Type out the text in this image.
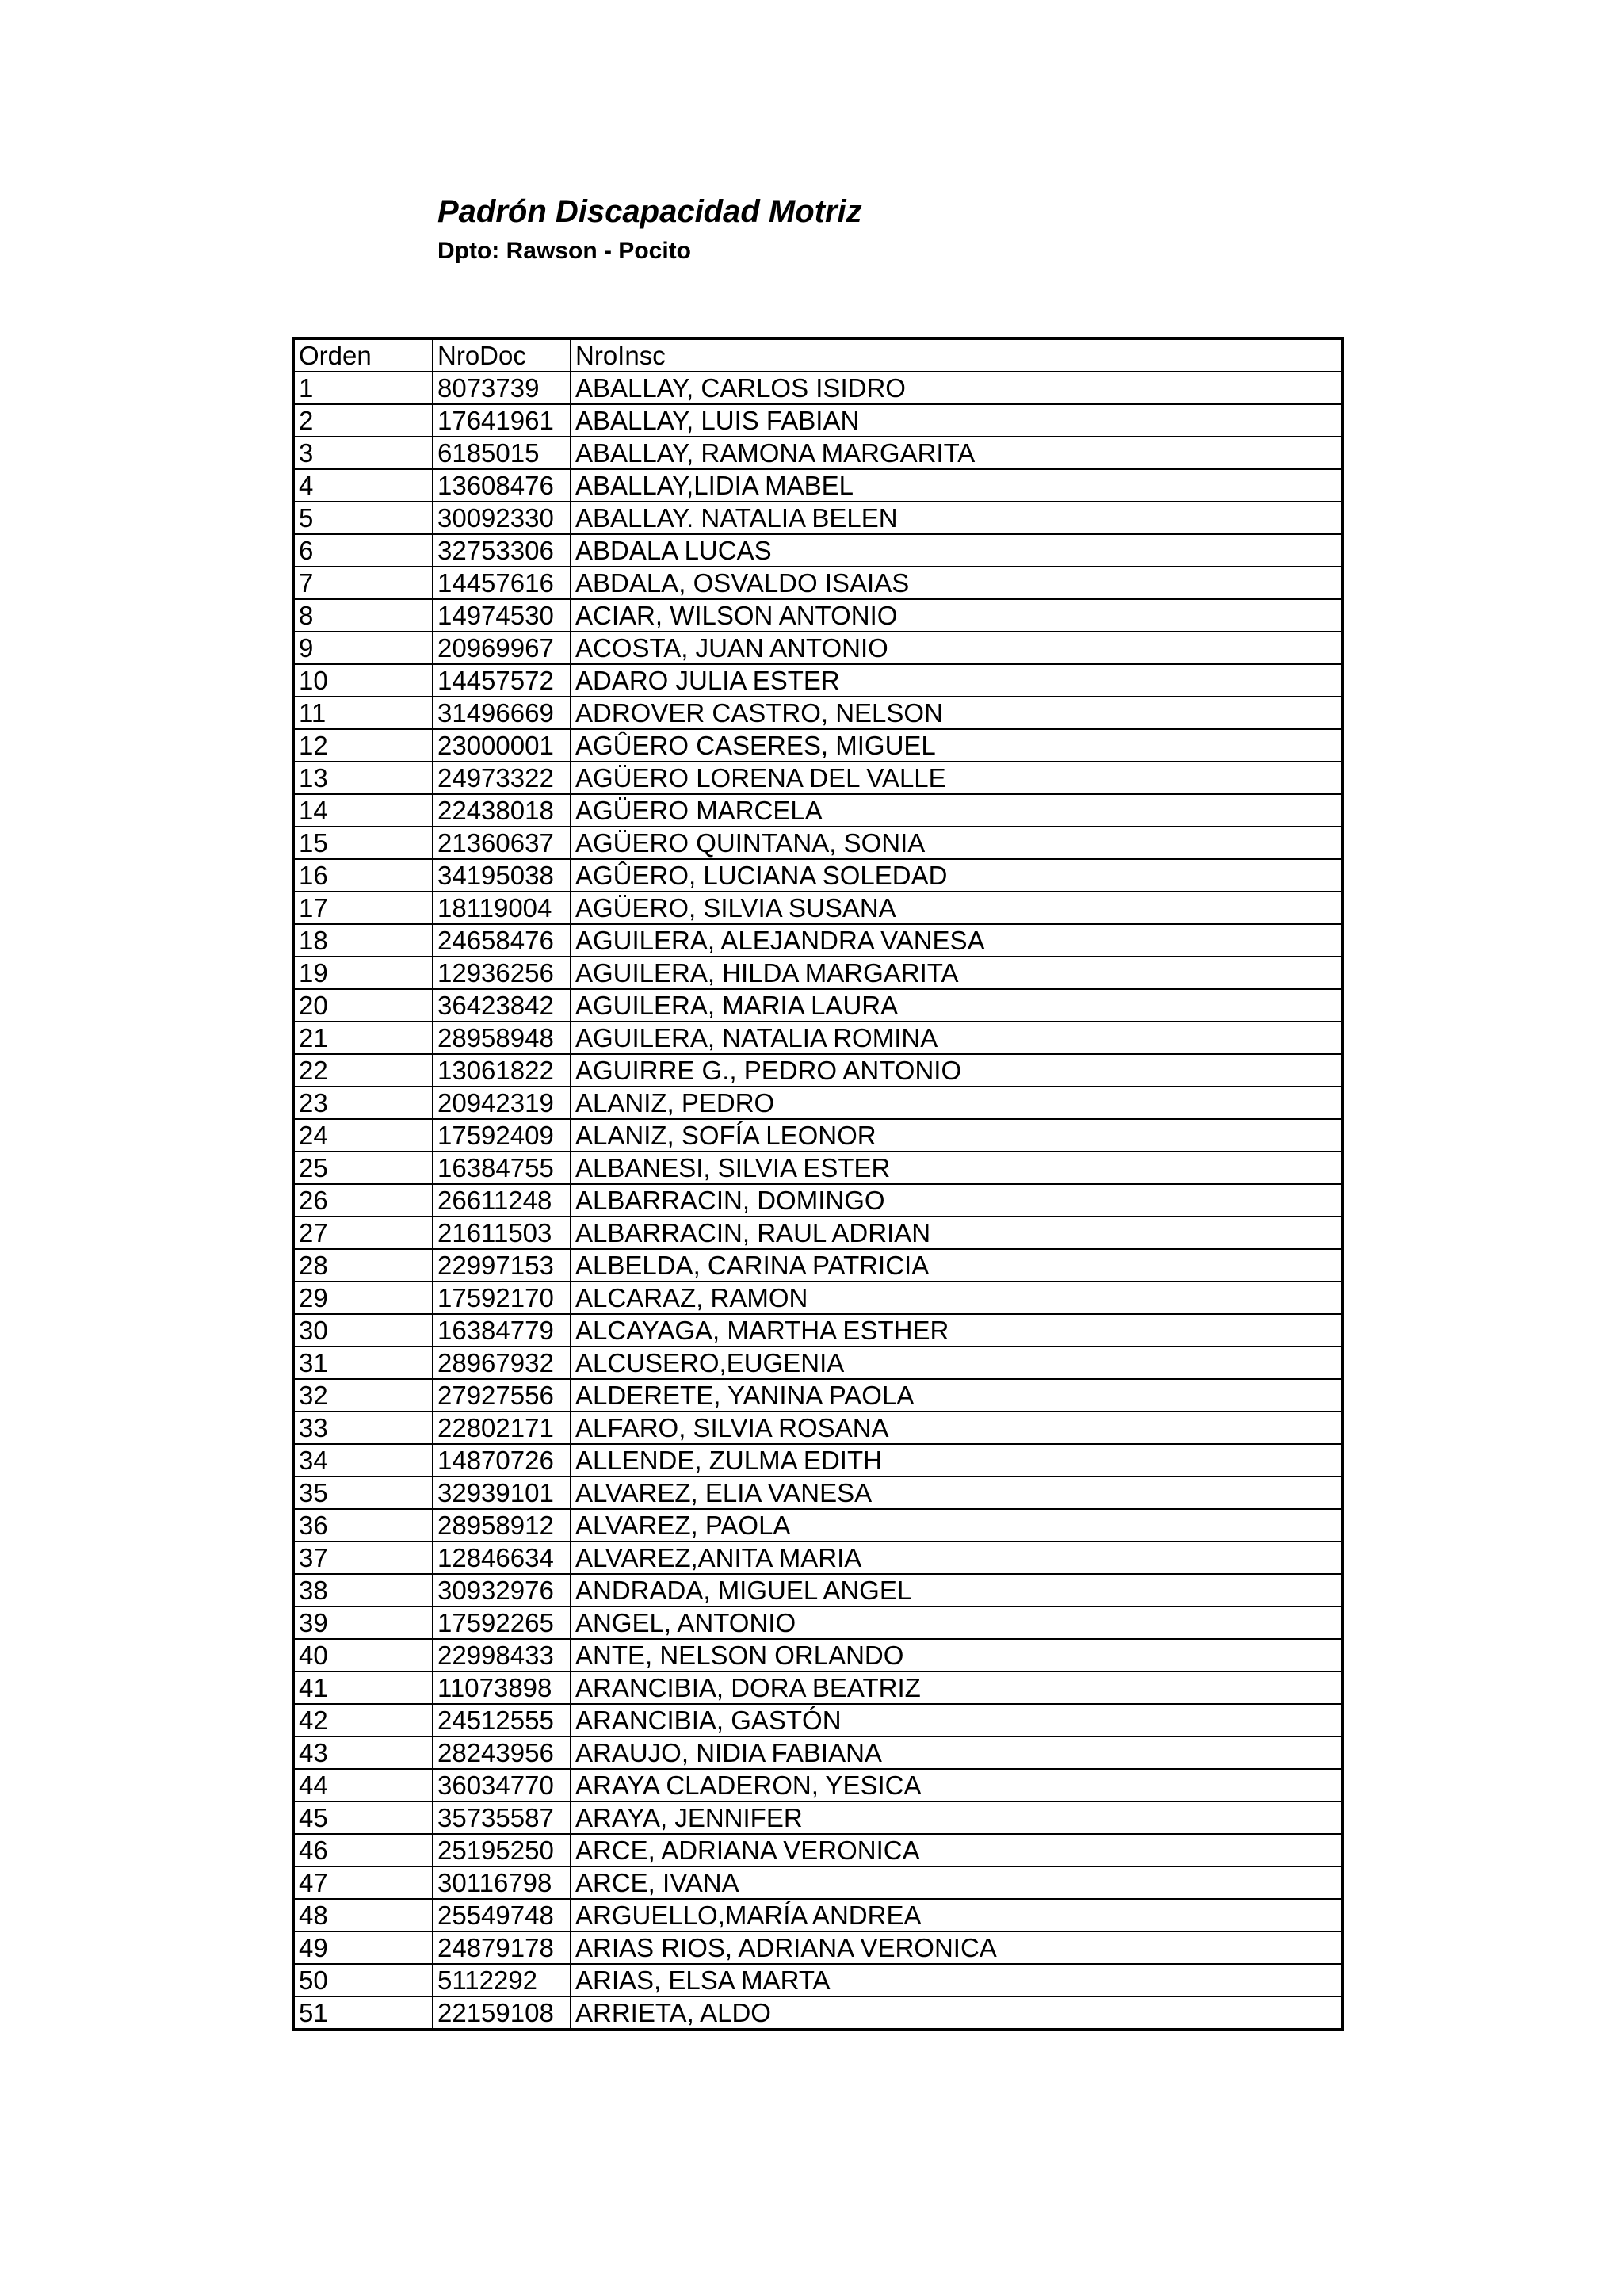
Padrón Discapacidad Motriz
Dpto: Rawson - Pocito
Orden	NroDoc	NroInsc
1	8073739	ABALLAY, CARLOS ISIDRO
2	17641961	ABALLAY, LUIS FABIAN
3	6185015	ABALLAY, RAMONA MARGARITA
4	13608476	ABALLAY,LIDIA MABEL
5	30092330	ABALLAY. NATALIA BELEN
6	32753306	ABDALA LUCAS
7	14457616	ABDALA, OSVALDO ISAIAS
8	14974530	ACIAR, WILSON ANTONIO
9	20969967	ACOSTA, JUAN ANTONIO
10	14457572	ADARO JULIA ESTER
11	31496669	ADROVER CASTRO, NELSON
12	23000001	AGÛERO CASERES, MIGUEL
13	24973322	AGÜERO LORENA DEL VALLE
14	22438018	AGÜERO MARCELA
15	21360637	AGÜERO QUINTANA, SONIA
16	34195038	AGÛERO, LUCIANA SOLEDAD
17	18119004	AGÜERO, SILVIA SUSANA
18	24658476	AGUILERA, ALEJANDRA VANESA
19	12936256	AGUILERA, HILDA MARGARITA
20	36423842	AGUILERA, MARIA LAURA
21	28958948	AGUILERA, NATALIA ROMINA
22	13061822	AGUIRRE G., PEDRO ANTONIO
23	20942319	ALANIZ, PEDRO
24	17592409	ALANIZ, SOFÍA LEONOR
25	16384755	ALBANESI, SILVIA ESTER
26	26611248	ALBARRACIN, DOMINGO
27	21611503	ALBARRACIN, RAUL ADRIAN
28	22997153	ALBELDA, CARINA PATRICIA
29	17592170	ALCARAZ, RAMON
30	16384779	ALCAYAGA, MARTHA ESTHER
31	28967932	ALCUSERO,EUGENIA
32	27927556	ALDERETE, YANINA PAOLA
33	22802171	ALFARO, SILVIA ROSANA
34	14870726	ALLENDE, ZULMA EDITH
35	32939101	ALVAREZ, ELIA VANESA
36	28958912	ALVAREZ, PAOLA
37	12846634	ALVAREZ,ANITA MARIA
38	30932976	ANDRADA, MIGUEL ANGEL
39	17592265	ANGEL, ANTONIO
40	22998433	ANTE, NELSON ORLANDO
41	11073898	ARANCIBIA, DORA BEATRIZ
42	24512555	ARANCIBIA, GASTÓN
43	28243956	ARAUJO, NIDIA FABIANA
44	36034770	ARAYA CLADERON, YESICA
45	35735587	ARAYA, JENNIFER
46	25195250	ARCE, ADRIANA VERONICA
47	30116798	ARCE, IVANA
48	25549748	ARGUELLO,MARÍA ANDREA
49	24879178	ARIAS RIOS, ADRIANA VERONICA
50	5112292	ARIAS, ELSA MARTA
51	22159108	ARRIETA, ALDO
